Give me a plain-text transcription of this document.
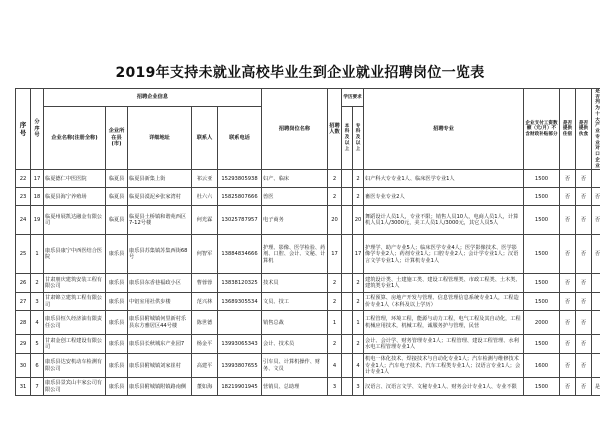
2019年支持未就业高校毕业生到企业就业招聘岗位一览表
序号	分序号	招聘企业信息					招聘岗位名称	招聘人数	学历要求		招聘专业	企业支付工资数额（元/月）不含财政补贴部分	是否提供住宿	是否提供伙食	是否列为十大产业专业对口企业
		企业名称(注册全称)	企业所在县(市)	详细地址	联系人	联系电话			本科及以上	专科及以上					
22	17	临夏德仁中医医院	临夏县	临夏县新集上街	祁云亚	15293805938	妇产、临床	2		2	妇产科大专专业1人、临床医学专业1人	1500	否	否	
23	18	临夏县海宁养殖场	临夏县	临夏县漠泥乡张家湾村	杜六六	15825807666	兽医	2		2	畜医专业专业2人	1500	否	否	否
24	19	临夏州展凯达融金有限公司	临夏县	临夏县土桥镇和谐苑西区7-12号楼	何光霖	13025787957	电子商务	20		20	舞蹈设计人员1人，专业不限；销售人员10人，电商人员1人，计算机人员1人/3000元，美工人员1人/3000元，其它人员5人	1500	否	否	否
25	1	康乐县康宁中西医结合医院	康乐县	康乐县苏集镇苏集西街68号	何智军	13884834666	护理、影像、医学检验、药剂、口腔、会计、文秘、计算机	17		17	护理学、助产专业5人；临床医学专业4人；医学影像技术、医学影像学专业2人；药剂专业1人；口腔专业2人；会计学专业1人；汉语言文学专业1人；计算机专业1人	1500	否	否	否
26	2	甘肃朋庆建筑安装工程有限公司	康乐县	康乐县东香巷福政小区	曹蓉蓉	13838120325	技术员	2		2	建筑设计类、土建施工类、建设工程管理类、市政工程类、土木类、建筑类专业1人	1500	否	否	
27	3	甘肃锦立建筑工程有限公司	康乐县	中铝室用社供步楼	范兴林	13689305534	文员、技工	2		2	工程预算、房地产开发与管理、信息管理信息系统专业1人，工程造价专业1人（本科及以上学历）	1500	否	否	
28	4	康乐县恒久经济油有限责任公司	康乐县	康乐县附城镇何里新村乐县东方雅居区44号楼	陈世德		销售总裁	1		1	工程管理，环境工程，能源与动力工程，电气工程及其自动化，工程机械应用技术，机械工程，诚服务护与管理，民营	2000	否	否	
29	5	甘肃金创工程建设有限公司	康乐县	康乐县长秋城东产业园7	杨金平	13993065343	会计、技术员	2		2	会计、会计学、财务管理专业1人；工程管理、建设工程管理、水利水电工程管理专业1人	1500	否	否	
30	6	康乐县达安机动车检测有限公司	康乐县	康乐县附城镇刘家崔村	高建平	13993807655	引车员、计算机操作、财务、文员	4		4	机电一体化技术、焊接技术与自动化专业1人；汽车检测与维修技术专业1人；汽车电子技术、汽车工程类专业1人；汉语言专业1人；会计专业1人	1600	否	否	
31	7	康乐县景宾山丰家公司有限公司	康乐县	康乐县附城镇附镇路南侧	董如海	18219901945	营销员、总助理	3		3	汉语言、汉语言文学、文秘专业1人、财务会计专业1人、专业不限	1500	否	否	是
